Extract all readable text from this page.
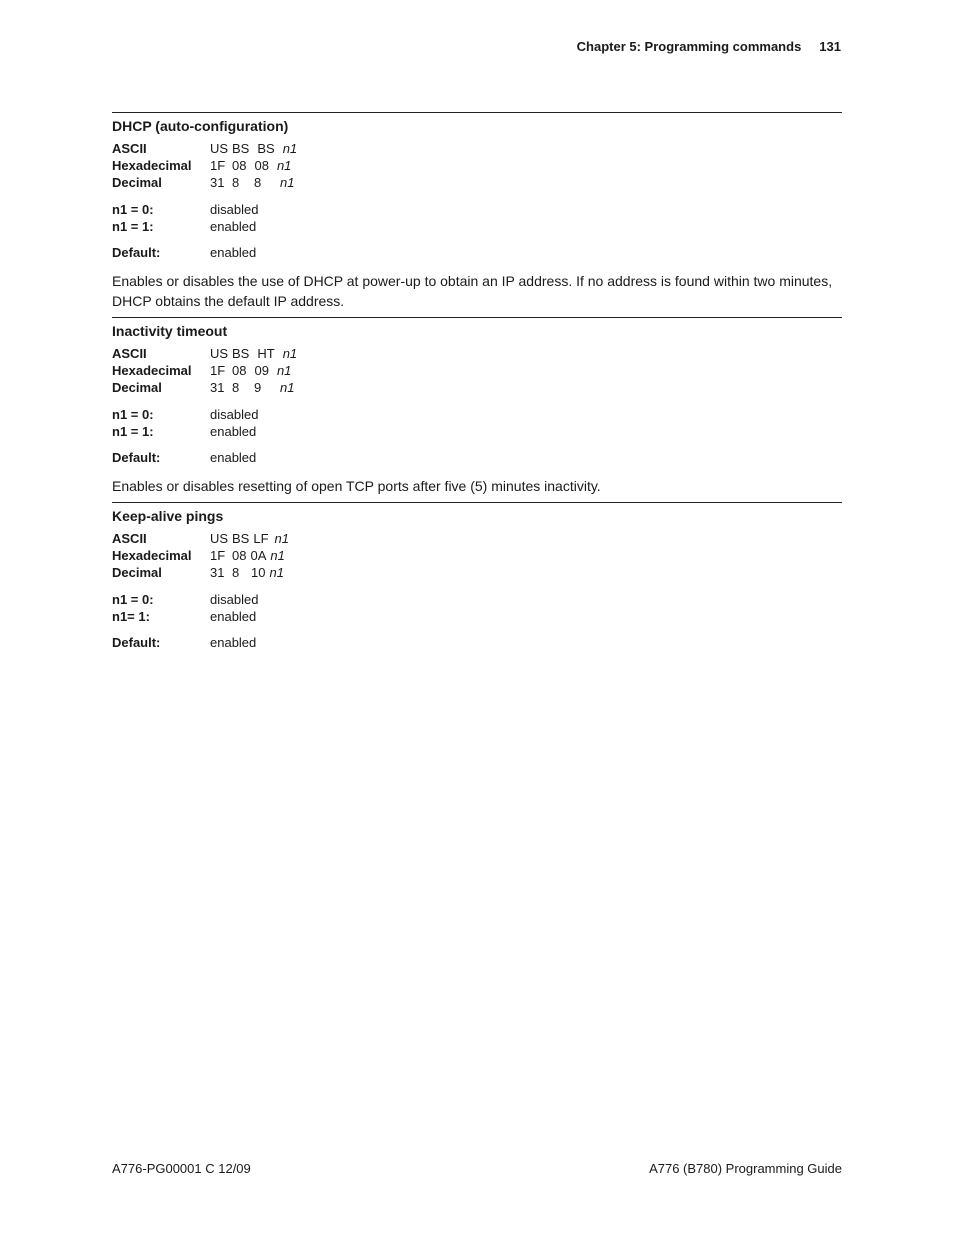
Chapter 5: Programming commands 131
DHCP (auto-configuration)
ASCII	US BS BS n1
Hexadecimal	1F 08 08 n1
Decimal	31 8	8	n1
n1 = 0:	disabled
n1 = 1:	enabled
Default:	enabled

Enables or disables the use of DHCP at power-up to obtain an IP address. If no address is found within two minutes, DHCP obtains the default IP address.

Inactivity timeout
ASCII	US BS HT n1
Hexadecimal	1F 08 09 n1
Decimal	31 8	9	n1
n1 = 0:	disabled
n1 = 1:	enabled
Default:	enabled

Enables or disables resetting of open TCP ports after five (5) minutes inactivity.

Keep-alive pings
ASCII	US BS LF n1
Hexadecimal	1F 08 0A n1
Decimal	31 8 10 n1
n1 = 0:	disabled
n1= 1:	enabled
Default:	enabled
A776-PG00001 C 12/09	A776 (B780) Programming Guide
